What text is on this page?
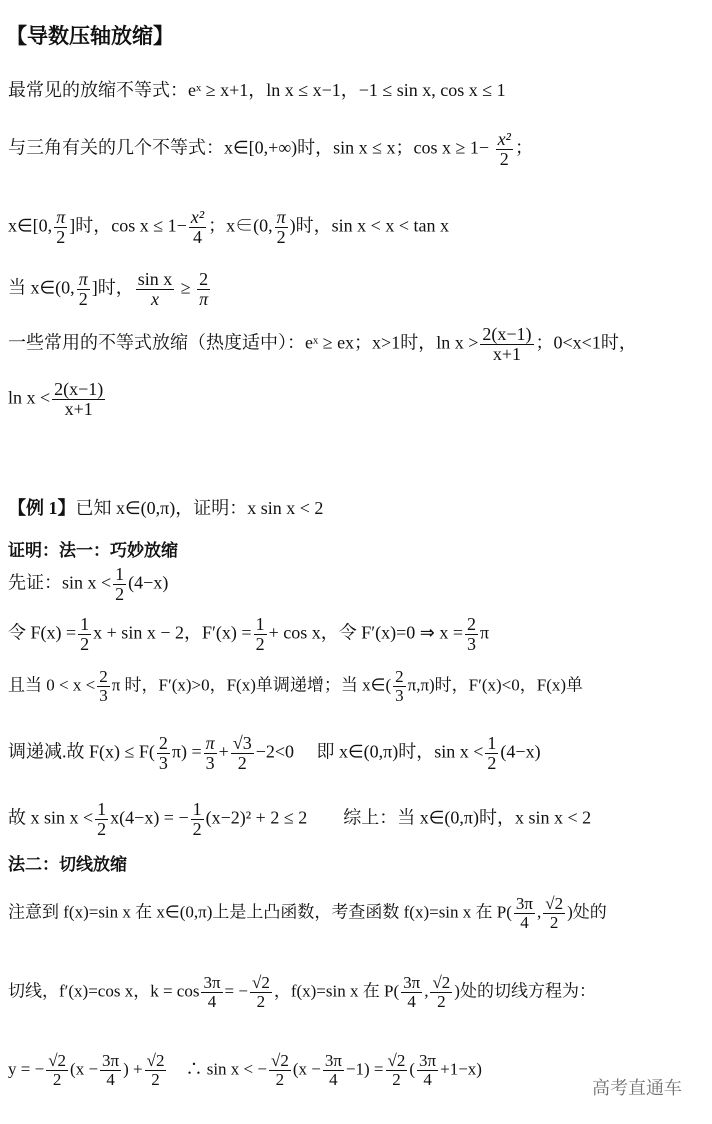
【导数压轴放缩】
最常见的放缩不等式：eˣ ≥ x+1，ln x ≤ x−1，−1 ≤ sin x, cos x ≤ 1
与三角有关的几个不等式：x∈[0,+∞)时，sin x ≤ x；$\cos x \ge 1- \frac{\text{x²}}{2}$ ；
x∈[0, $\frac{\pi}{2}$ ]时，$\cos x \le 1- \frac{\text{x²}}{4}$ ；x∈(0, $\frac{\pi}{2}$ )时，sin x < x < tan x
当 x∈(0, $\frac{\pi}{2}$ ]时， $\frac{\text{sin x}}{x} \ge \frac{2}{\pi}$
一些常用的不等式放缩（热度适中）：eˣ ≥ ex；x>1时，$\ln x > \frac{2(x-1)}{x+1}$ ；0<x<1时，
$\ln x < \frac{2(x-1)}{x+1}$
【例 1】已知 x∈(0,π)，证明：x sin x < 2
证明：法一：巧妙放缩
先证：$\sin x < \frac{1}{2} (4-x)$
令 $F(x) = \frac{1}{2}$ x + sin x − 2，$F'(x) = \frac{1}{2} + \cos x$，令 F′(x)=0 ⇒ $x = \frac{2}{3}$ π
且当 $0 < x < \frac{2}{3}$ π 时，F′(x)>0，F(x)单调递增；当 x∈( $\frac{2}{3} \pi,\pi$)时，F′(x)<0，F(x)单
调递减.故 $F(x) \le F( \frac{2}{3} \pi) = \frac{\pi}{3} + \frac{√3}{2} -2<0$　 即 x∈(0,π)时，$\sin x < \frac{1}{2} (4-x)$
故 x $\sin x < \frac{1}{2} x(4-x)$ = − $\frac{1}{2} (x-2)^2 + 2 \le 2$　　综上：当 x∈(0,π)时，x sin x < 2
法二：切线放缩
注意到 f(x)=sin x 在 x∈(0,π)上是上凸函数，考查函数 f(x)=sin x 在 $P( \frac{3\pi}{4}$ , $\frac{√2}{2}$ )处的
切线，f′(x)=cos x，$k = \cos \frac{3\pi}{4}$ = − $\frac{√2}{2}$ ，f(x)=sin x 在 $P( \frac{3\pi}{4}$ , $\frac{√2}{2}$ )处的切线方程为：
y = − $\frac{√2}{2} (x - \frac{3\pi}{4}$ ) + $\frac{√2}{2}$ 　∴ sin x < − $\frac{√2}{2} (x - \frac{3\pi}{4} -1) = \frac{√2}{2}$ ( $\frac{3\pi}{4} +1-x$)
高考直通车
